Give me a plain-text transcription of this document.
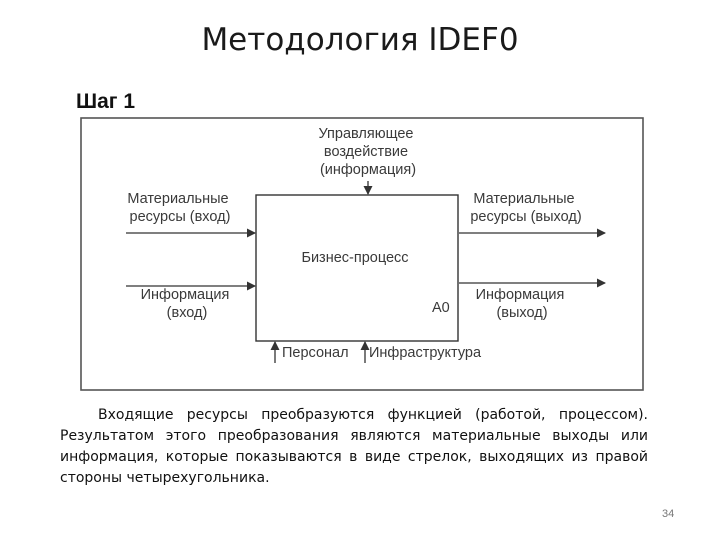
Методология IDEF0
Шаг 1
Управляющее воздействие (информация)
Материальные ресурсы (вход)
Информация (вход)
Материальные ресурсы (выход)
Информация (выход)
Бизнес-процесс
A0
Персонал Инфраструктура

Входящие ресурсы преобразуются функцией (работой, процессом). Результатом этого преобразования являются материальные выходы или информация, которые показываются в виде стрелок, выходящих из правой стороны четырехугольника.

34
